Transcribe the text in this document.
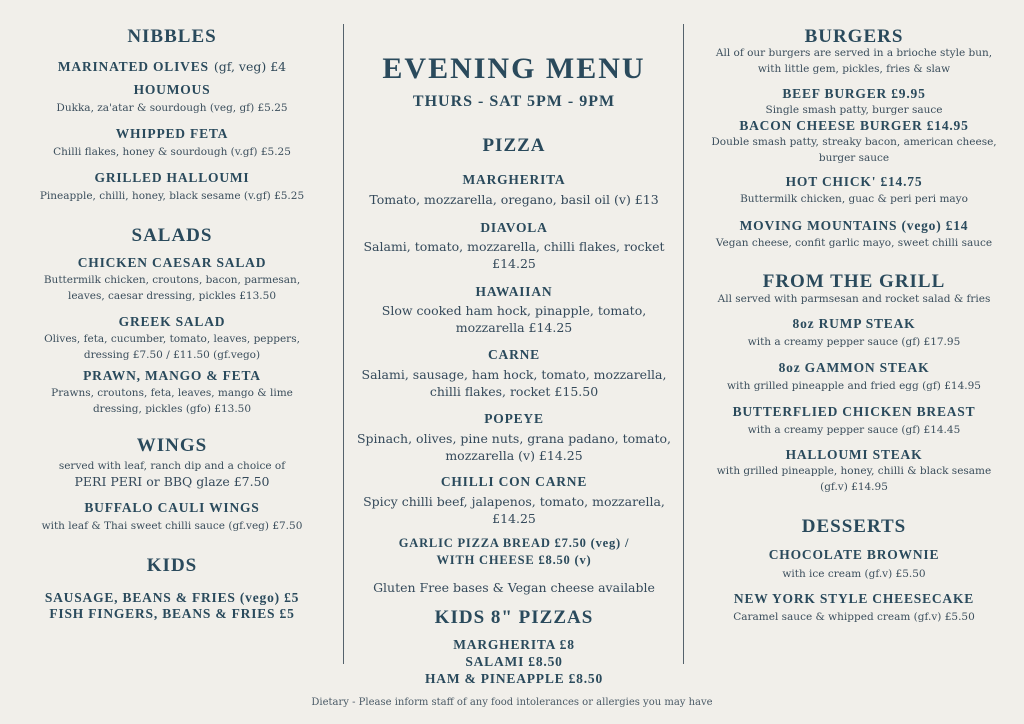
NIBBLES
MARINATED OLIVES (gf, veg) £4
HOUMOUS
Dukka, za'atar & sourdough (veg, gf) £5.25
WHIPPED FETA
Chilli flakes, honey & sourdough (v.gf) £5.25
GRILLED HALLOUMI
Pineapple, chilli, honey, black sesame (v.gf) £5.25
SALADS
CHICKEN CAESAR SALAD
Buttermilk chicken, croutons, bacon, parmesan, leaves, caesar dressing, pickles £13.50
GREEK SALAD
Olives, feta, cucumber, tomato, leaves, peppers, dressing £7.50 / £11.50 (gf.vego)
PRAWN, MANGO & FETA
Prawns, croutons, feta, leaves, mango & lime dressing, pickles (gfo) £13.50
WINGS
served with leaf, ranch dip and a choice of
PERI PERI or BBQ glaze £7.50
BUFFALO CAULI WINGS
with leaf & Thai sweet chilli sauce (gf.veg) £7.50
KIDS
SAUSAGE, BEANS & FRIES (vego) £5
FISH FINGERS, BEANS & FRIES £5
EVENING MENU
THURS - SAT 5PM - 9PM
PIZZA
MARGHERITA
Tomato, mozzarella, oregano, basil oil (v) £13
DIAVOLA
Salami, tomato, mozzarella, chilli flakes, rocket £14.25
HAWAIIAN
Slow cooked ham hock, pinapple, tomato, mozzarella £14.25
CARNE
Salami, sausage, ham hock, tomato, mozzarella, chilli flakes, rocket £15.50
POPEYE
Spinach, olives, pine nuts, grana padano, tomato, mozzarella (v) £14.25
CHILLI CON CARNE
Spicy chilli beef, jalapenos, tomato, mozzarella, £14.25
GARLIC PIZZA BREAD £7.50 (veg) /
WITH CHEESE £8.50 (v)
Gluten Free bases & Vegan cheese available
KIDS 8" PIZZAS
MARGHERITA £8
SALAMI £8.50
HAM & PINEAPPLE £8.50
BURGERS
All of our burgers are served in a brioche style bun, with little gem, pickles, fries & slaw
BEEF BURGER £9.95
Single smash patty, burger sauce
BACON CHEESE BURGER £14.95
Double smash patty, streaky bacon, american cheese, burger sauce
HOT CHICK' £14.75
Buttermilk chicken, guac & peri peri mayo
MOVING MOUNTAINS (vego) £14
Vegan cheese, confit garlic mayo, sweet chilli sauce
FROM THE GRILL
All served with parmsesan and rocket salad & fries
8oz RUMP STEAK
with a creamy pepper sauce (gf) £17.95
8oz GAMMON STEAK
with grilled pineapple and fried egg (gf) £14.95
BUTTERFLIED CHICKEN BREAST
with a creamy pepper sauce (gf) £14.45
HALLOUMI STEAK
with grilled pineapple, honey, chilli & black sesame (gf.v) £14.95
DESSERTS
CHOCOLATE BROWNIE
with ice cream (gf.v) £5.50
NEW YORK STYLE CHEESECAKE
Caramel sauce & whipped cream (gf.v) £5.50
Dietary - Please inform staff of any food intolerances or allergies you may have
